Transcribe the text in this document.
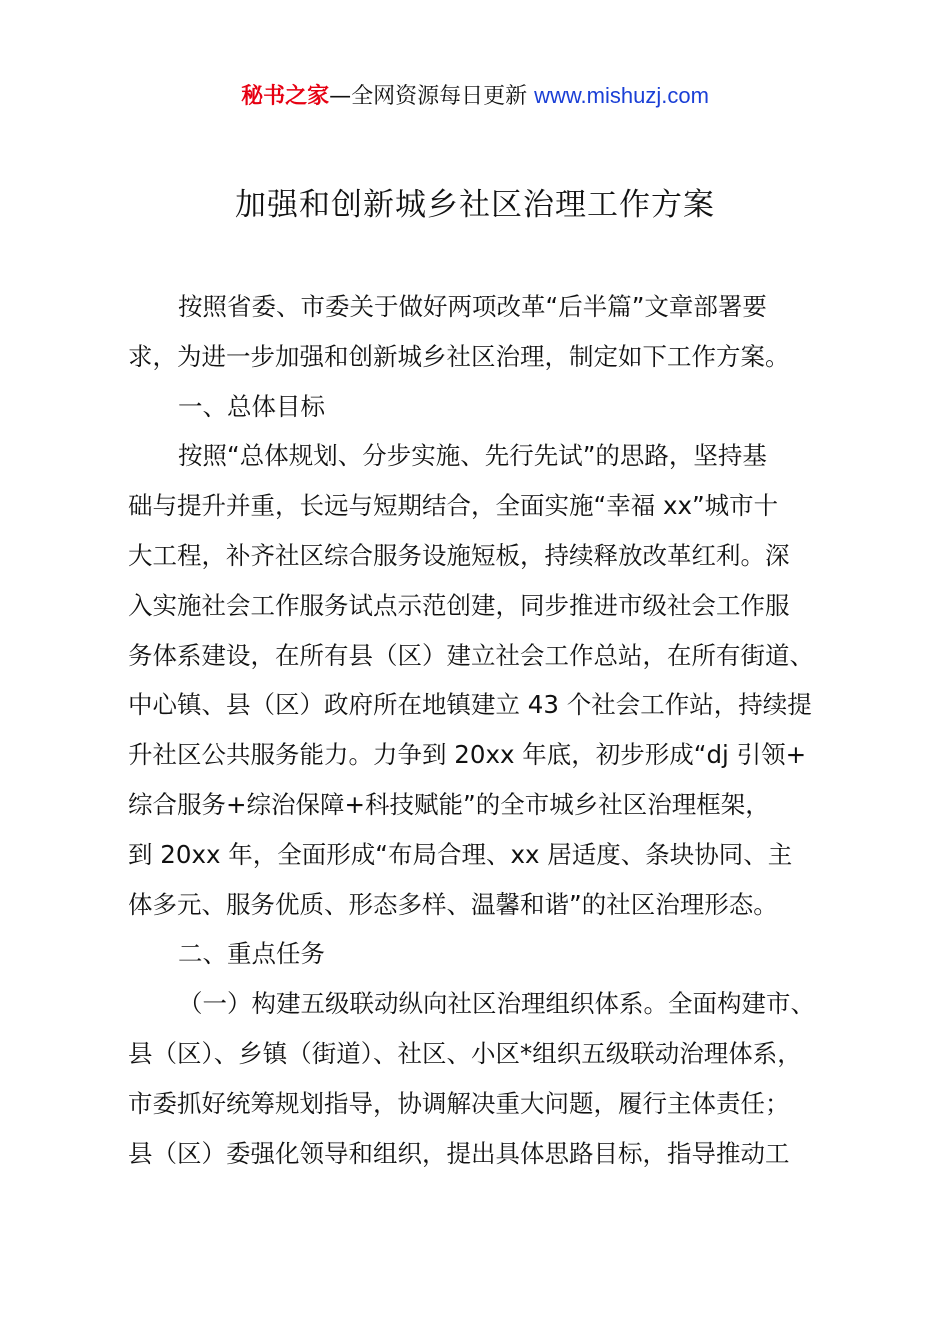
秘书之家—全网资源每日更新 www.mishuzj.com
加强和创新城乡社区治理工作方案
按照省委、市委关于做好两项改革“后半篇”文章部署要
求，为进一步加强和创新城乡社区治理，制定如下工作方案。
一、总体目标
按照“总体规划、分步实施、先行先试”的思路，坚持基
础与提升并重，长远与短期结合，全面实施“幸福 xx”城市十
大工程，补齐社区综合服务设施短板，持续释放改革红利。深
入实施社会工作服务试点示范创建，同步推进市级社会工作服
务体系建设，在所有县（区）建立社会工作总站，在所有街道、
中心镇、县（区）政府所在地镇建立 43 个社会工作站，持续提
升社区公共服务能力。力争到 20xx 年底，初步形成“dj 引领+
综合服务+综治保障+科技赋能”的全市城乡社区治理框架，
到 20xx 年，全面形成“布局合理、xx 居适度、条块协同、主
体多元、服务优质、形态多样、温馨和谐”的社区治理形态。
二、重点任务
（一）构建五级联动纵向社区治理组织体系。全面构建市、
县（区）、乡镇（街道）、社区、小区*组织五级联动治理体系，
市委抓好统筹规划指导，协调解决重大问题，履行主体责任；
县（区）委强化领导和组织，提出具体思路目标，指导推动工
